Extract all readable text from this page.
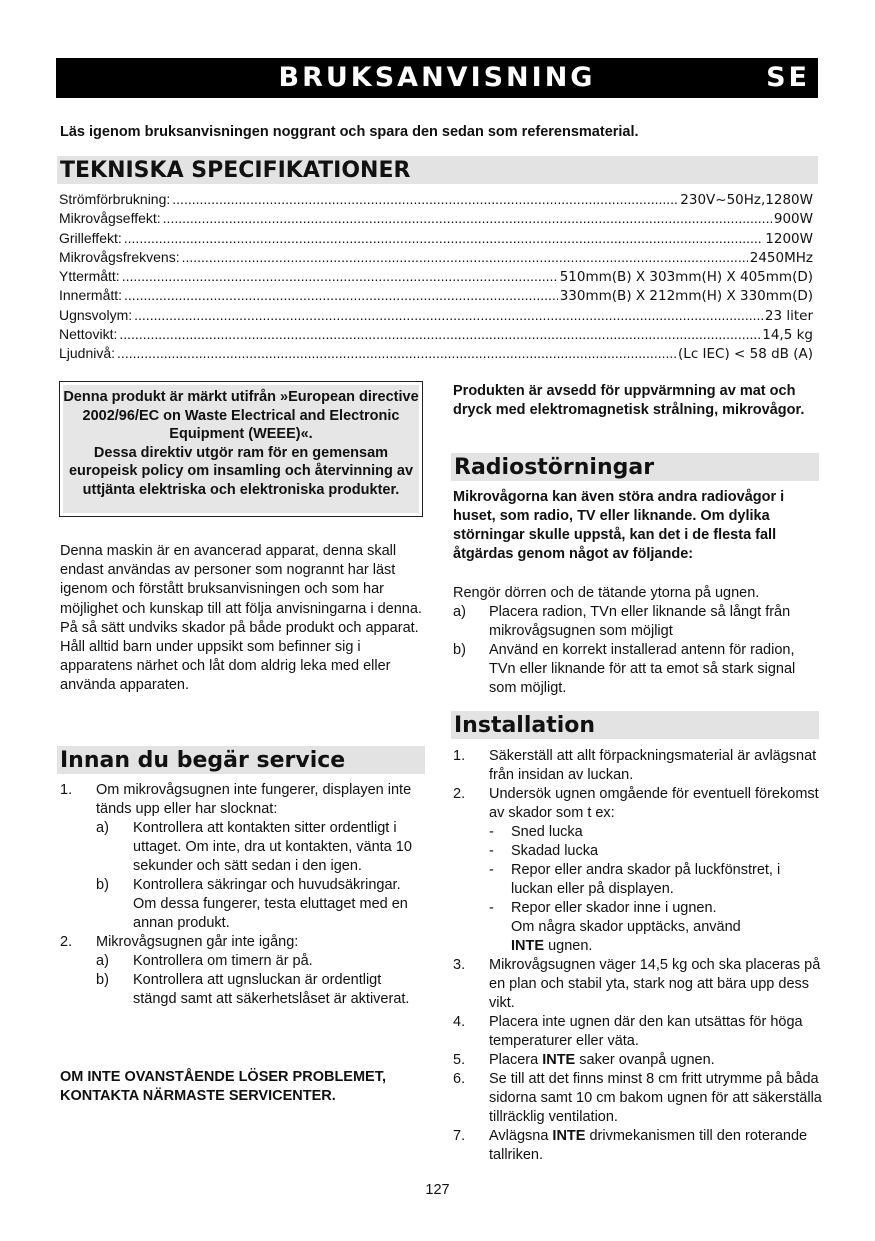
BRUKSANVISNING	SE
Läs igenom bruksanvisningen noggrant och spara den sedan som referensmaterial.
TEKNISKA SPECIFIKATIONER
Strömförbrukning: .....	230V~50Hz,1280W
Mikrovågseffekt: .....	900W
Grilleffekt: .....	1200W
Mikrovågsfrekvens: .....	2450MHz
Yttermått: .....	510mm(B) X 303mm(H) X 405mm(D)
Innermått: .....	330mm(B) X 212mm(H) X 330mm(D)
Ugnsvolym: .....	23 liter
Nettovikt: .....	14,5 kg
Ljudnivå: .....	(Lc IEC) < 58 dB (A)
Denna produkt är märkt utifrån »European directive 2002/96/EC on Waste Electrical and Electronic Equipment (WEEE)«.
Dessa direktiv utgör ram för en gemensam europeisk policy om insamling och återvinning av uttjänta elektriska och elektroniska produkter.
Denna maskin är en avancerad apparat, denna skall endast användas av personer som nogrannt har läst igenom och förstått bruksanvisningen och som har möjlighet och kunskap till att följa anvisningarna i denna. På så sätt undviks skador på både produkt och apparat.
Håll alltid barn under uppsikt som befinner sig i apparatens närhet och låt dom aldrig leka med eller använda apparaten.
Innan du begär service
1. Om mikrovågsugnen inte fungerer, displayen inte tänds upp eller har slocknat:
a) Kontrollera att kontakten sitter ordentligt i uttaget. Om inte, dra ut kontakten, vänta 10 sekunder och sätt sedan i den igen.
b) Kontrollera säkringar och huvudsäkringar. Om dessa fungerer, testa eluttaget med en annan produkt.
2. Mikrovågsugnen går inte igång:
a) Kontrollera om timern är på.
b) Kontrollera att ugnsluckan är ordentligt stängd samt att säkerhetslåset är aktiverat.
OM INTE OVANSTÅENDE LÖSER PROBLEMET, KONTAKTA NÄRMASTE SERVICENTER.
Produkten är avsedd för uppvärmning av mat och dryck med elektromagnetisk strålning, mikrovågor.
Radiostörningar
Mikrovågorna kan även störa andra radiovågor i huset, som radio, TV eller liknande. Om dylika störningar skulle uppstå, kan det i de flesta fall åtgärdas genom något av följande:
Rengör dörren och de tätande ytorna på ugnen.
a) Placera radion, TVn eller liknande så långt från mikrovågsugnen som möjligt
b) Använd en korrekt installerad antenn för radion, TVn eller liknande för att ta emot så stark signal som möjligt.
Installation
1. Säkerställ att allt förpackningsmaterial är avlägsnat från insidan av luckan.
2. Undersök ugnen omgående för eventuell förekomst av skador som t ex:
- Sned lucka
- Skadad lucka
- Repor eller andra skador på luckfönstret, i luckan eller på displayen.
- Repor eller skador inne i ugnen.
Om några skador upptäcks, använd
INTE ugnen.
3. Mikrovågsugnen väger 14,5 kg och ska placeras på en plan och stabil yta, stark nog att bära upp dess vikt.
4. Placera inte ugnen där den kan utsättas för höga temperaturer eller väta.
5. Placera INTE saker ovanpå ugnen.
6. Se till att det finns minst 8 cm fritt utrymme på båda sidorna samt 10 cm bakom ugnen för att säkerställa tillräcklig ventilation.
7. Avlägsna INTE drivmekanismen till den roterande tallriken.
127
